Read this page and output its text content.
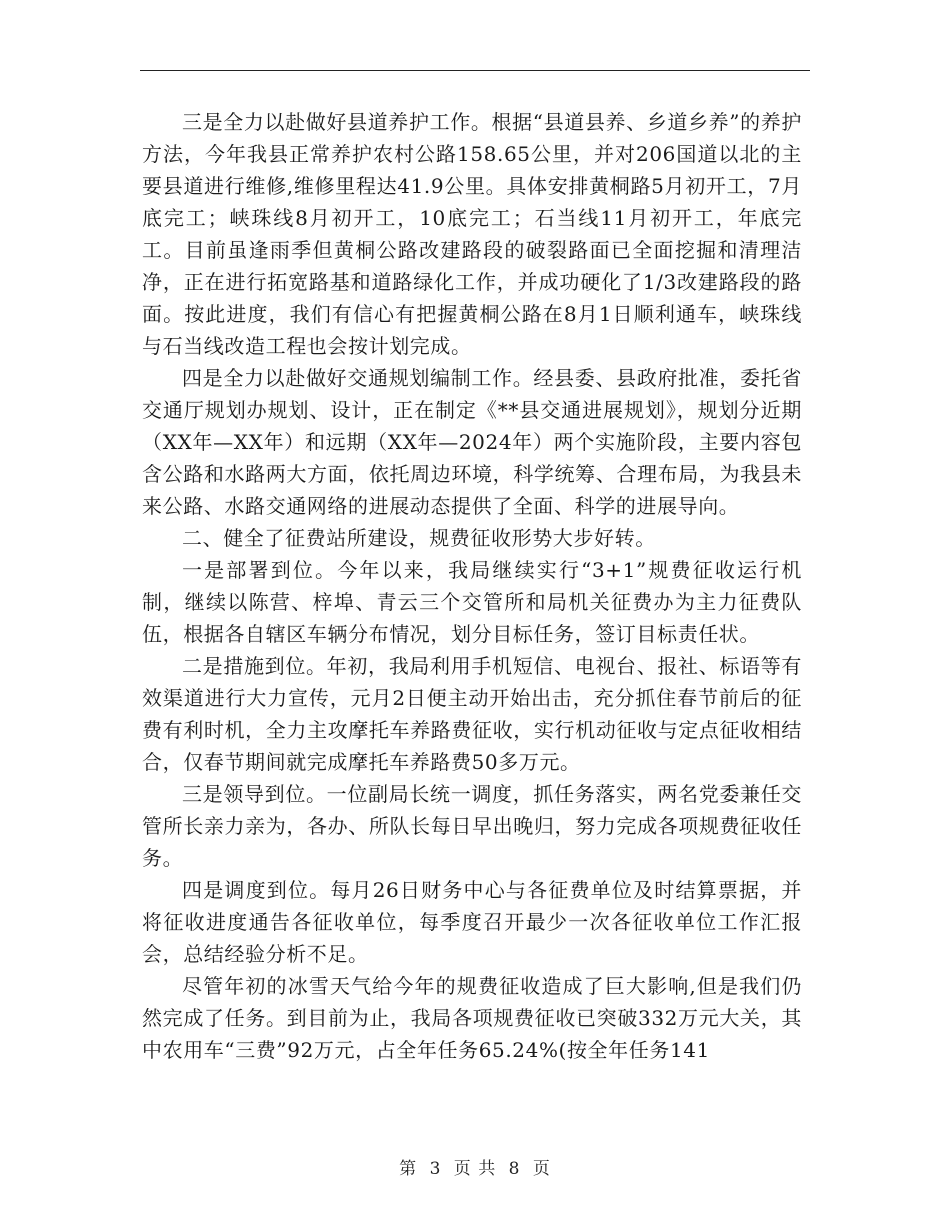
三是全力以赴做好县道养护工作。根据“县道县养、乡道乡养”的养护方法，今年我县正常养护农村公路158.65公里，并对206国道以北的主要县道进行维修,维修里程达41.9公里。具体安排黄桐路5月初开工，7月底完工；峡珠线8月初开工，10底完工；石当线11月初开工，年底完工。目前虽逢雨季但黄桐公路改建路段的破裂路面已全面挖掘和清理洁净，正在进行拓宽路基和道路绿化工作，并成功硬化了1/3改建路段的路面。按此进度，我们有信心有把握黄桐公路在8月1日顺利通车，峡珠线与石当线改造工程也会按计划完成。

四是全力以赴做好交通规划编制工作。经县委、县政府批准，委托省交通厅规划办规划、设计，正在制定《**县交通进展规划》，规划分近期（XX年—XX年）和远期（XX年—2024年）两个实施阶段，主要内容包含公路和水路两大方面，依托周边环境，科学统筹、合理布局，为我县未来公路、水路交通网络的进展动态提供了全面、科学的进展导向。

二、健全了征费站所建设，规费征收形势大步好转。

一是部署到位。今年以来，我局继续实行“3+1”规费征收运行机制，继续以陈营、梓埠、青云三个交管所和局机关征费办为主力征费队伍，根据各自辖区车辆分布情况，划分目标任务，签订目标责任状。

二是措施到位。年初，我局利用手机短信、电视台、报社、标语等有效渠道进行大力宣传，元月2日便主动开始出击，充分抓住春节前后的征费有利时机，全力主攻摩托车养路费征收，实行机动征收与定点征收相结合，仅春节期间就完成摩托车养路费50多万元。

三是领导到位。一位副局长统一调度，抓任务落实，两名党委兼任交管所长亲力亲为，各办、所队长每日早出晚归，努力完成各项规费征收任务。

四是调度到位。每月26日财务中心与各征费单位及时结算票据，并将征收进度通告各征收单位，每季度召开最少一次各征收单位工作汇报会，总结经验分析不足。

尽管年初的冰雪天气给今年的规费征收造成了巨大影响,但是我们仍然完成了任务。到目前为止，我局各项规费征收已突破332万元大关，其中农用车“三费”92万元，占全年任务65.24%(按全年任务141

第 3 页 共 8 页
